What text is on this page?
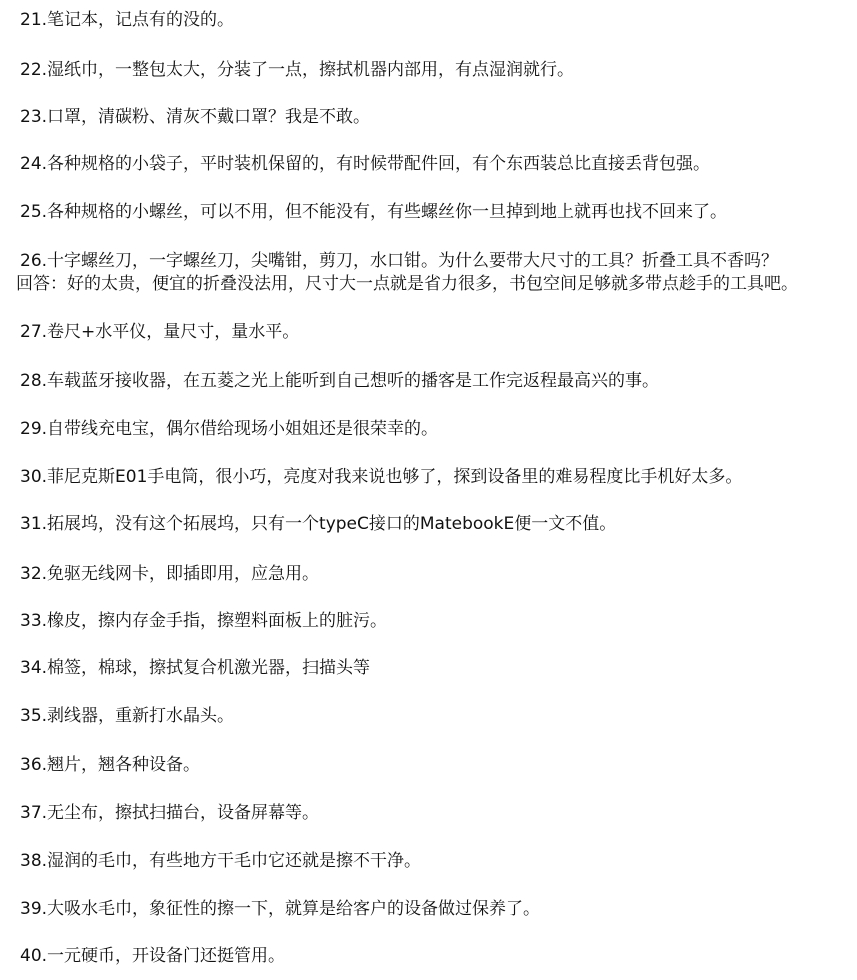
21.笔记本，记点有的没的。

22.湿纸巾，一整包太大，分装了一点，擦拭机器内部用，有点湿润就行。

23.口罩，清碳粉、清灰不戴口罩？我是不敢。

24.各种规格的小袋子，平时装机保留的，有时候带配件回，有个东西装总比直接丢背包强。

25.各种规格的小螺丝，可以不用，但不能没有，有些螺丝你一旦掉到地上就再也找不回来了。

26.十字螺丝刀，一字螺丝刀，尖嘴钳，剪刀，水口钳。为什么要带大尺寸的工具？折叠工具不香吗？
回答：好的太贵，便宜的折叠没法用，尺寸大一点就是省力很多，书包空间足够就多带点趁手的工具吧。

27.卷尺+水平仪，量尺寸，量水平。

28.车载蓝牙接收器，在五菱之光上能听到自己想听的播客是工作完返程最高兴的事。

29.自带线充电宝，偶尔借给现场小姐姐还是很荣幸的。

30.菲尼克斯E01手电筒，很小巧，亮度对我来说也够了，探到设备里的难易程度比手机好太多。

31.拓展坞，没有这个拓展坞，只有一个typeC接口的MatebookE便一文不值。

32.免驱无线网卡，即插即用，应急用。

33.橡皮，擦内存金手指，擦塑料面板上的脏污。

34.棉签，棉球，擦拭复合机激光器，扫描头等

35.剥线器，重新打水晶头。

36.翘片，翘各种设备。

37.无尘布，擦拭扫描台，设备屏幕等。

38.湿润的毛巾，有些地方干毛巾它还就是擦不干净。

39.大吸水毛巾，象征性的擦一下，就算是给客户的设备做过保养了。

40.一元硬币，开设备门还挺管用。
